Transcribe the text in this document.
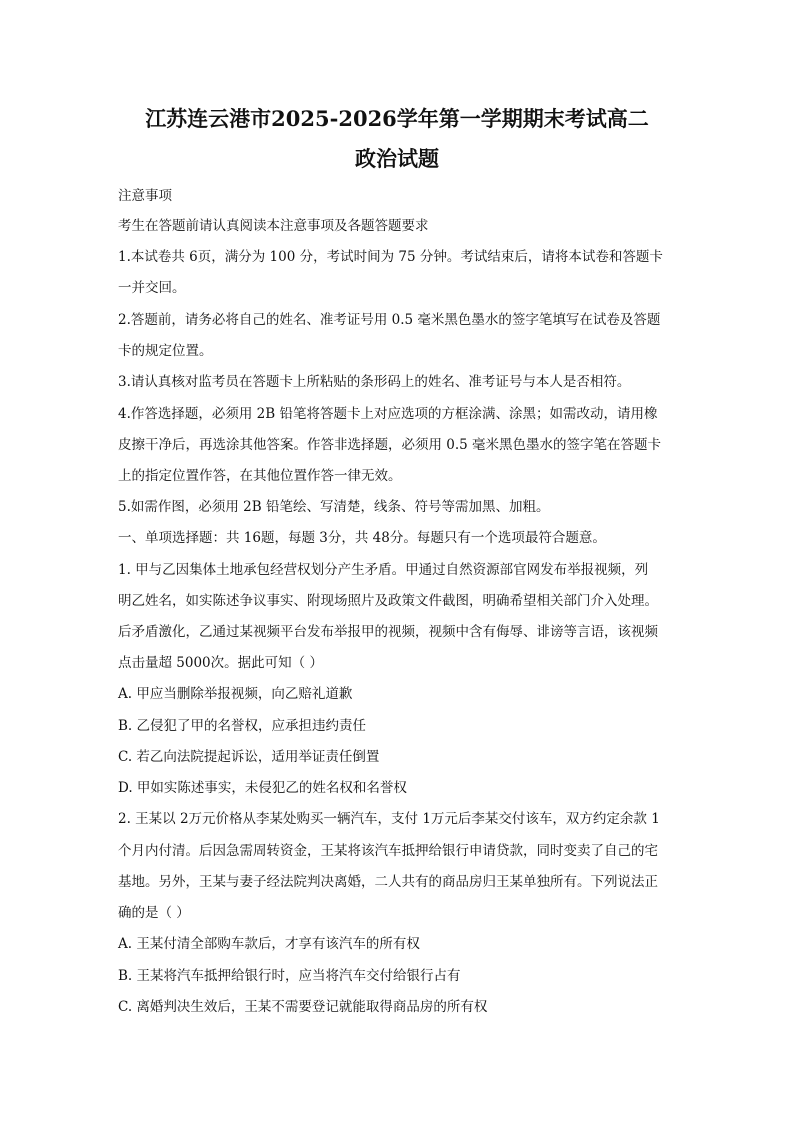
江苏连云港市2025-2026学年第一学期期末考试高二
政治试题
注意事项
考生在答题前请认真阅读本注意事项及各题答题要求
1.本试卷共 6页，满分为 100 分，考试时间为 75 分钟。考试结束后，请将本试卷和答题卡
一并交回。
2.答题前，请务必将自己的姓名、准考证号用 0.5 毫米黑色墨水的签字笔填写在试卷及答题
卡的规定位置。
3.请认真核对监考员在答题卡上所粘贴的条形码上的姓名、准考证号与本人是否相符。
4.作答选择题，必须用 2B 铅笔将答题卡上对应选项的方框涂满、涂黑；如需改动，请用橡
皮擦干净后，再选涂其他答案。作答非选择题，必须用 0.5 毫米黑色墨水的签字笔在答题卡
上的指定位置作答，在其他位置作答一律无效。
5.如需作图，必须用 2B 铅笔绘、写清楚，线条、符号等需加黑、加粗。
一、单项选择题：共 16题，每题 3分，共 48分。每题只有一个选项最符合题意。
1. 甲与乙因集体土地承包经营权划分产生矛盾。甲通过自然资源部官网发布举报视频，列
明乙姓名，如实陈述争议事实、附现场照片及政策文件截图，明确希望相关部门介入处理。
后矛盾激化，乙通过某视频平台发布举报甲的视频，视频中含有侮辱、诽谤等言语，该视频
点击量超 5000次。据此可知（ ）
A. 甲应当删除举报视频，向乙赔礼道歉
B. 乙侵犯了甲的名誉权，应承担违约责任
C. 若乙向法院提起诉讼，适用举证责任倒置
D. 甲如实陈述事实，未侵犯乙的姓名权和名誉权
2. 王某以 2万元价格从李某处购买一辆汽车，支付 1万元后李某交付该车，双方约定余款 1
个月内付清。后因急需周转资金，王某将该汽车抵押给银行申请贷款，同时变卖了自己的宅
基地。另外，王某与妻子经法院判决离婚，二人共有的商品房归王某单独所有。下列说法正
确的是（ ）
A. 王某付清全部购车款后，才享有该汽车的所有权
B. 王某将汽车抵押给银行时，应当将汽车交付给银行占有
C. 离婚判决生效后，王某不需要登记就能取得商品房的所有权
